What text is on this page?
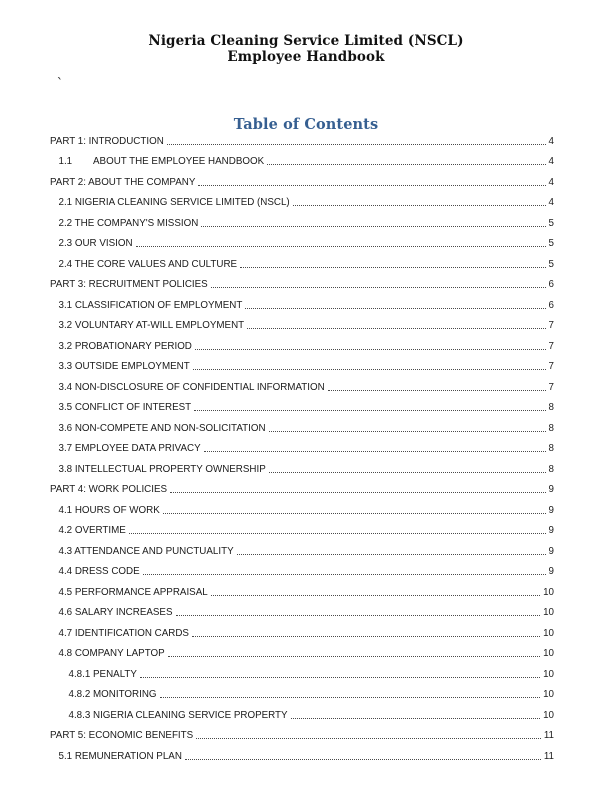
Nigeria Cleaning Service Limited (NSCL)
Employee Handbook
`
Table of Contents
PART 1: INTRODUCTION	4
1.1	ABOUT THE EMPLOYEE HANDBOOK	4
PART 2: ABOUT THE COMPANY	4
2.1 NIGERIA CLEANING SERVICE LIMITED (NSCL)	4
2.2 THE COMPANY'S MISSION	5
2.3 OUR VISION	5
2.4 THE CORE VALUES AND CULTURE	5
PART 3: RECRUITMENT POLICIES	6
3.1 CLASSIFICATION OF EMPLOYMENT	6
3.2 VOLUNTARY AT-WILL EMPLOYMENT	7
3.2 PROBATIONARY PERIOD	7
3.3 OUTSIDE EMPLOYMENT	7
3.4 NON-DISCLOSURE OF CONFIDENTIAL INFORMATION	7
3.5 CONFLICT OF INTEREST	8
3.6 NON-COMPETE AND NON-SOLICITATION	8
3.7 EMPLOYEE DATA PRIVACY	8
3.8 INTELLECTUAL PROPERTY OWNERSHIP	8
PART 4: WORK POLICIES	9
4.1 HOURS OF WORK	9
4.2 OVERTIME	9
4.3 ATTENDANCE AND PUNCTUALITY	9
4.4 DRESS CODE	9
4.5 PERFORMANCE APPRAISAL	10
4.6 SALARY INCREASES	10
4.7 IDENTIFICATION CARDS	10
4.8 COMPANY LAPTOP	10
4.8.1 PENALTY	10
4.8.2 MONITORING	10
4.8.3 NIGERIA CLEANING SERVICE PROPERTY	10
PART 5: ECONOMIC BENEFITS	11
5.1 REMUNERATION PLAN	11
